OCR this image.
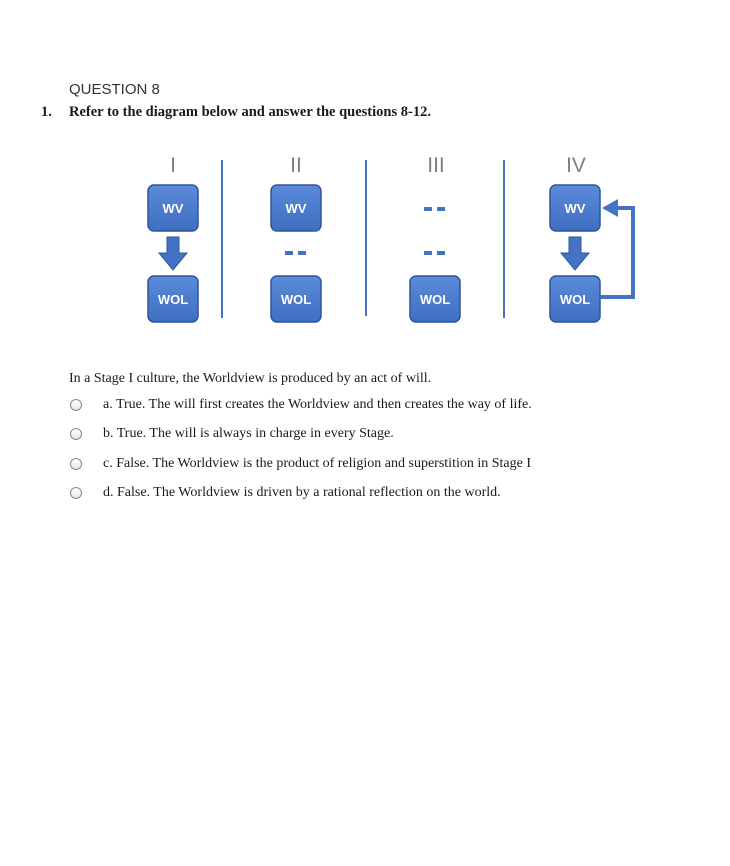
QUESTION 8
1. Refer to the diagram below and answer the questions 8-12.
I
WV
WOL
II
WV
WOL
III
WOL
IV
WV
WOL
In a Stage I culture, the Worldview is produced by an act of will.
a. True. The will first creates the Worldview and then creates the way of life.
b. True. The will is always in charge in every Stage.
c. False. The Worldview is the product of religion and superstition in Stage I
d. False. The Worldview is driven by a rational reflection on the world.
